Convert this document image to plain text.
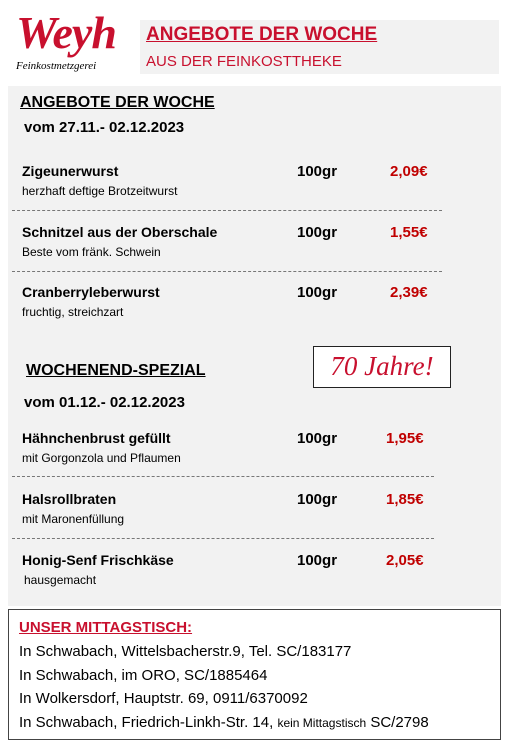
Weyh
Feinkostmetzgerei
ANGEBOTE DER WOCHE
AUS DER FEINKOSTTHEKE
ANGEBOTE DER WOCHE
vom 27.11.- 02.12.2023
Zigeunerwurst
herzhaft deftige Brotzeitwurst
100gr	2,09€
Schnitzel aus der Oberschale
Beste vom fränk. Schwein
100gr	1,55€
Cranberryleberwurst
fruchtig, streichzart
100gr	2,39€
WOCHENEND-SPEZIAL
vom 01.12.- 02.12.2023
70 Jahre!
Hähnchenbrust gefüllt
mit Gorgonzola und Pflaumen
100gr	1,95€
Halsrollbraten
mit Maronenfüllung
100gr	1,85€
Honig-Senf Frischkäse
hausgemacht
100gr	2,05€
UNSER MITTAGSTISCH:
In Schwabach, Wittelsbacherstr.9, Tel. SC/183177
In Schwabach, im ORO, SC/1885464
In Wolkersdorf, Hauptstr. 69, 0911/6370092
In Schwabach, Friedrich-Linkh-Str. 14, kein Mittagstisch SC/2798
